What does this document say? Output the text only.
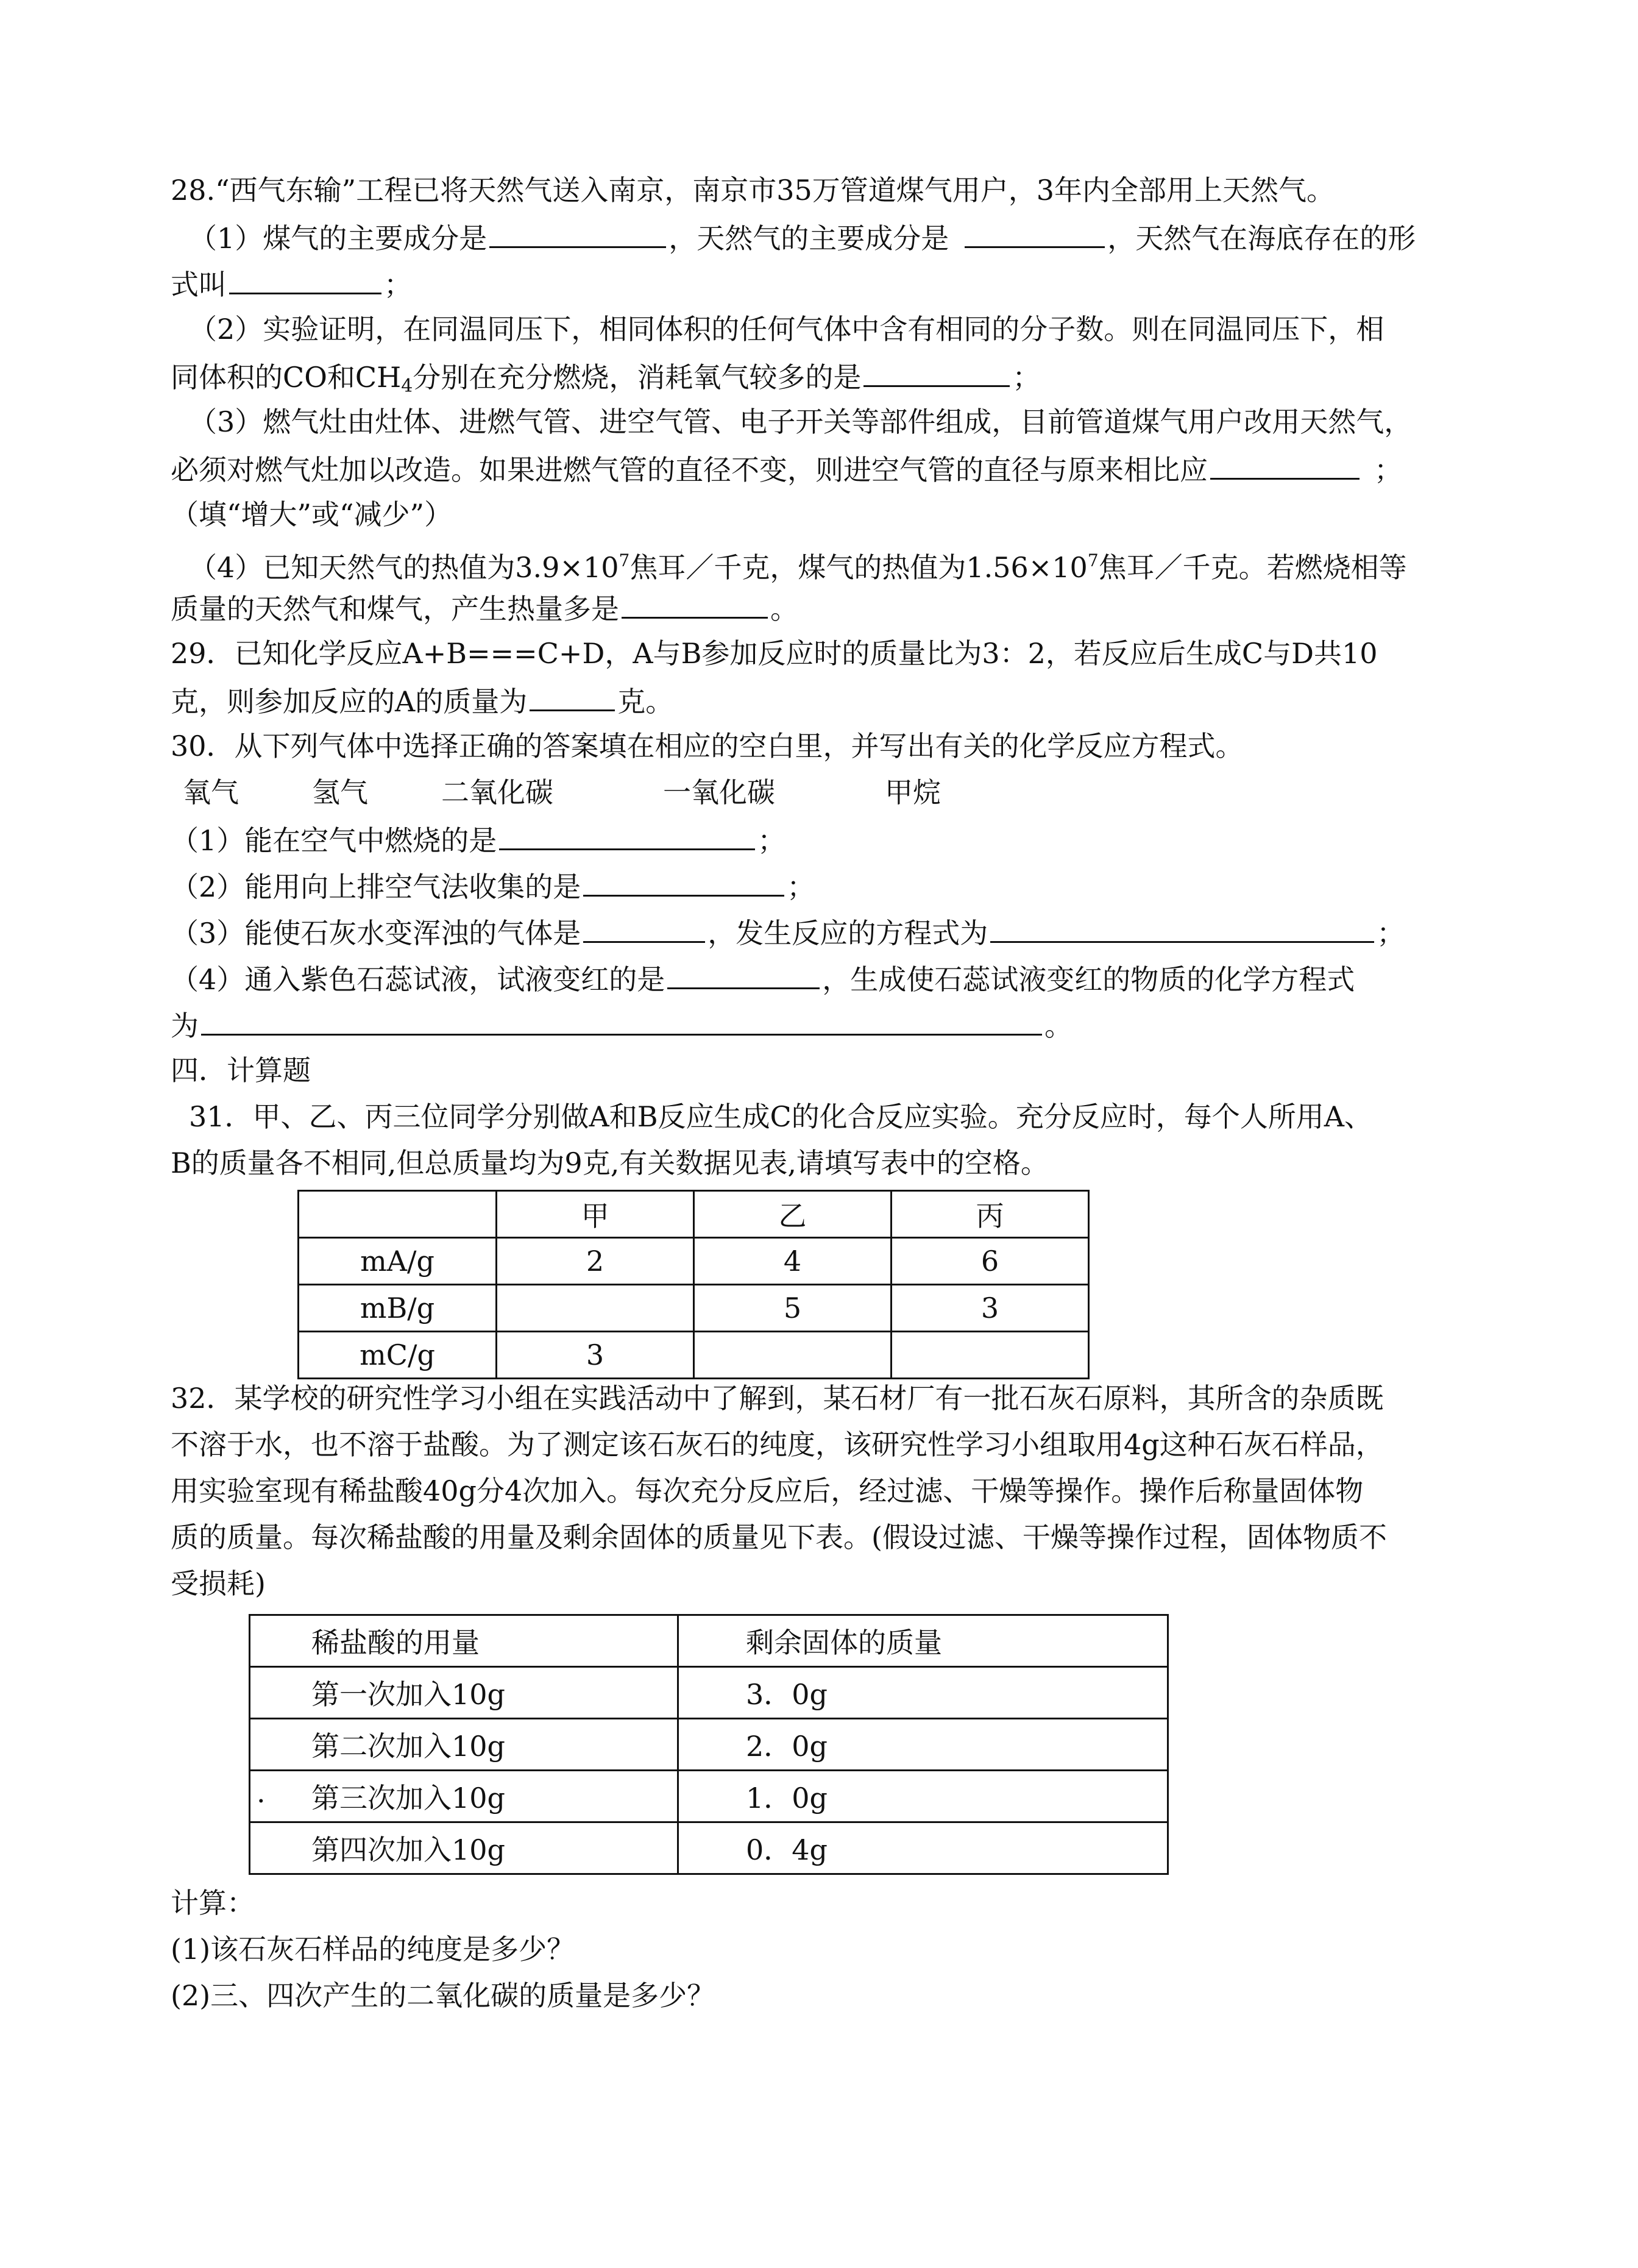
28.“西气东输”工程已将天然气送入南京，南京市35万管道煤气用户，3年内全部用上天然气。
（1）煤气的主要成分是	，天然气的主要成分是	，天然气在海底存在的形
式叫	；
（2）实验证明，在同温同压下，相同体积的任何气体中含有相同的分子数。则在同温同压下，相
同体积的CO和$CH_4$分别在充分燃烧，消耗氧气较多的是	；
（3）燃气灶由灶体、进燃气管、进空气管、电子开关等部件组成，目前管道煤气用户改用天然气，
必须对燃气灶加以改造。如果进燃气管的直径不变，则进空气管的直径与原来相比应	；
（填“增大”或“减少”）
（4）已知天然气的热值为$3.9\times 10^7$焦耳／千克，煤气的热值为$1.56\times 10^7$焦耳／千克。若燃烧相等
质量的天然气和煤气，产生热量多是	。
29．已知化学反应A+B===C+D，A与B参加反应时的质量比为3：2，若反应后生成C与D共10
克，则参加反应的A的质量为	克。
30．从下列气体中选择正确的答案填在相应的空白里，并写出有关的化学反应方程式。
氧气	氢气	二氧化碳	一氧化碳	甲烷
（1）能在空气中燃烧的是	；
（2）能用向上排空气法收集的是	；
（3）能使石灰水变浑浊的气体是	，发生反应的方程式为	；
（4）通入紫色石蕊试液，试液变红的是	，生成使石蕊试液变红的物质的化学方程式
为	。
四．计算题
31．甲、乙、丙三位同学分别做A和B反应生成C的化合反应实验。充分反应时，每个人所用A、
B的质量各不相同,但总质量均为9克,有关数据见表,请填写表中的空格。
	甲	乙	丙
mA/g	2	4	6
mB/g		5	3
mC/g	3		
32．某学校的研究性学习小组在实践活动中了解到，某石材厂有一批石灰石原料，其所含的杂质既
不溶于水，也不溶于盐酸。为了测定该石灰石的纯度，该研究性学习小组取用4g这种石灰石样品，
用实验室现有稀盐酸40g分4次加入。每次充分反应后，经过滤、干燥等操作。操作后称量固体物
质的质量。每次稀盐酸的用量及剩余固体的质量见下表。(假设过滤、干燥等操作过程，固体物质不
受损耗)
稀盐酸的用量	剩余固体的质量
第一次加入10g	3．0g
第二次加入10g	2．0g

. 第三次加入10g	1．0g
第四次加入10g	0．4g
计算：
(1)该石灰石样品的纯度是多少？
(2)三、四次产生的二氧化碳的质量是多少？
